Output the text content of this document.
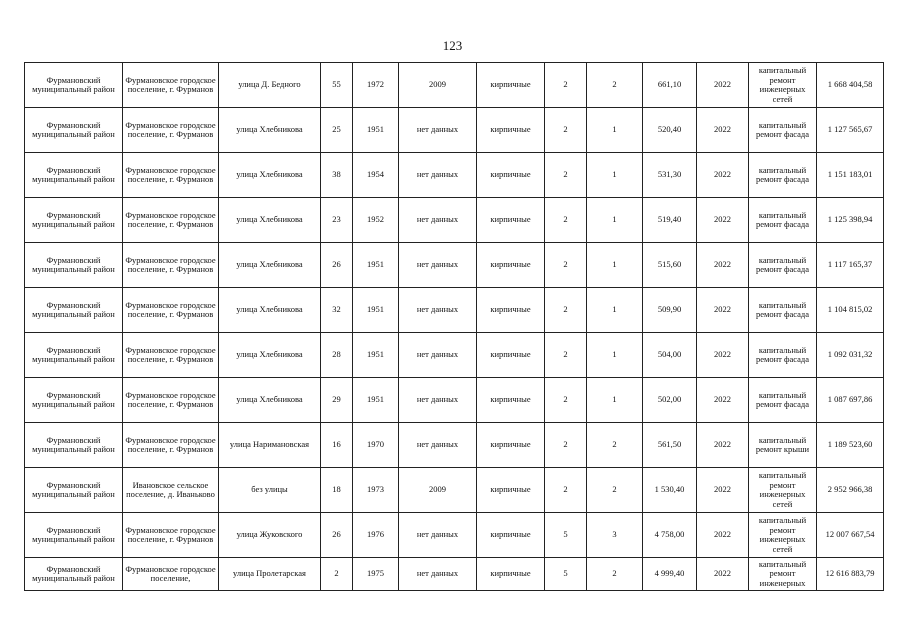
123
Фурмановский муниципальный район	Фурмановское городское поселение, г. Фурманов	улица Д. Бедного	55	1972	2009	кирпичные	2	2	661,10	2022	капитальный ремонт инженерных сетей	1 668 404,58

Фурмановский муниципальный район	Фурмановское городское поселение, г. Фурманов	улица Хлебникова	25	1951	нет данных	кирпичные	2	1	520,40	2022	капитальный ремонт фасада	1 127 565,67

Фурмановский муниципальный район	Фурмановское городское поселение, г. Фурманов	улица Хлебникова	38	1954	нет данных	кирпичные	2	1	531,30	2022	капитальный ремонт фасада	1 151 183,01

Фурмановский муниципальный район	Фурмановское городское поселение, г. Фурманов	улица Хлебникова	23	1952	нет данных	кирпичные	2	1	519,40	2022	капитальный ремонт фасада	1 125 398,94

Фурмановский муниципальный район	Фурмановское городское поселение, г. Фурманов	улица Хлебникова	26	1951	нет данных	кирпичные	2	1	515,60	2022	капитальный ремонт фасада	1 117 165,37

Фурмановский муниципальный район	Фурмановское городское поселение, г. Фурманов	улица Хлебникова	32	1951	нет данных	кирпичные	2	1	509,90	2022	капитальный ремонт фасада	1 104 815,02

Фурмановский муниципальный район	Фурмановское городское поселение, г. Фурманов	улица Хлебникова	28	1951	нет данных	кирпичные	2	1	504,00	2022	капитальный ремонт фасада	1 092 031,32

Фурмановский муниципальный район	Фурмановское городское поселение, г. Фурманов	улица Хлебникова	29	1951	нет данных	кирпичные	2	1	502,00	2022	капитальный ремонт фасада	1 087 697,86

Фурмановский муниципальный район	Фурмановское городское поселение, г. Фурманов	улица Наримановская	16	1970	нет данных	кирпичные	2	2	561,50	2022	капитальный ремонт крыши	1 189 523,60

Фурмановский муниципальный район	Ивановское сельское поселение, д. Иваньково	без улицы	18	1973	2009	кирпичные	2	2	1 530,40	2022	капитальный ремонт инженерных сетей	2 952 966,38

Фурмановский муниципальный район	Фурмановское городское поселение, г. Фурманов	улица Жуковского	26	1976	нет данных	кирпичные	5	3	4 758,00	2022	капитальный ремонт инженерных сетей	12 007 667,54

Фурмановский муниципальный район	Фурмановское городское поселение,	улица Пролетарская	2	1975	нет данных	кирпичные	5	2	4 999,40	2022	капитальный ремонт инженерных	12 616 883,79
